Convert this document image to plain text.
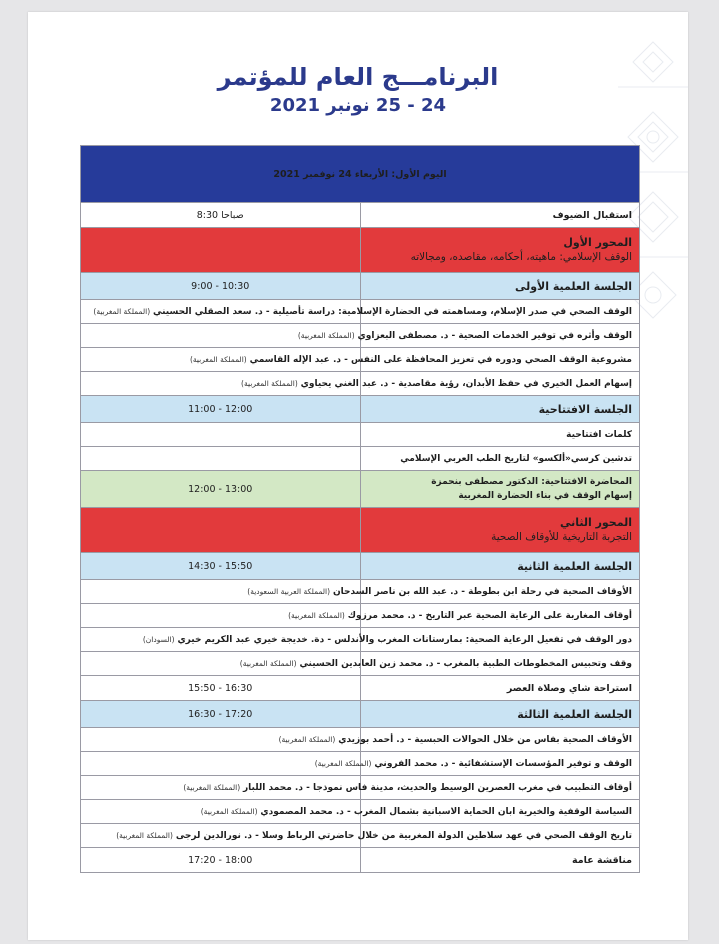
البرنامـــج العام للمؤتمر
24 - 25 نونبر 2021
اليوم الأول: الأربعاء 24 نوفمبر 2021	
استقبال الضيوف	8:30 صباحا

المحور الأول
الوقف الإسلامي: ماهيته، أحكامه، مقاصده، ومجالاته	

الجلسة العلمية الأولى	9:00 - 10:30
الوقف الصحي في صدر الإسلام، ومساهمته في الحضارة الإسلامية: دراسة تأصيلية - د. سعد الصقلي الحسيني (المملكة المغربية)	
الوقف وأثره في توفير الخدمات الصحية - د. مصطفى البعزاوي (المملكة المغربية)	
مشروعية الوقف الصحي ودوره في تعزيز المحافظة على النفس - د. عبد الإله القاسمي (المملكة المغربية)	
إسهام العمل الخيري في حفظ الأبدان، رؤية مقاصدية - د. عبد الغني يحياوي (المملكة المغربية)	
الجلسة الافتتاحية	11:00 - 12:00
كلمات افتتاحية	
تدشين كرسي«ألكسو» لتاريخ الطب العربي الإسلامي	

المحاضرة الافتتاحية: الدكتور مصطفى بنحمزة
إسهام الوقف في بناء الحضارة المغربية	12:00 - 13:00

المحور الثاني
التجربة التاريخية للأوقاف الصحية	

الجلسة العلمية الثانية	14:30 - 15:50
الأوقاف الصحية في رحلة ابن بطوطة - د. عبد الله بن ناصر السدحان (المملكة العربية السعودية)	
أوقاف المغاربة على الرعاية الصحية عبر التاريخ - د. محمد مرزوك (المملكة المغربية)	
دور الوقف في تفعيل الرعاية الصحية: بمارستانات المغرب والأندلس - دة. خديجة خيري عبد الكريم خيري (السودان)	
وقف وتحبيس المخطوطات الطبية بالمغرب - د. محمد زين العابدين الحسيني (المملكة المغربية)	
استراحة شاي وصلاة العصر	15:50 - 16:30
الجلسة العلمية الثالثة	16:30 - 17:20
الأوقاف الصحية بفاس من خلال الحوالات الحبسية - د. أحمد بوزيدي (المملكة المغربية)	
الوقف و توفير المؤسسات الإستشفائية - د. محمد الفروني (المملكة المغربية)	
أوقاف التطبيب في مغرب العصرين الوسيط والحديث، مدينة فاس نموذجا - د. محمد اللبار (المملكة المغربية)	
السياسة الوقفية والخيرية ابان الحماية الاسبانية بشمال المغرب - د. محمد المصمودي (المملكة المغربية)	
تاريخ الوقف الصحي في عهد سلاطين الدولة المغربية من خلال حاضرتي الرباط وسلا - د. نورالدين لرجى (المملكة المغربية)	
مناقشة عامة	17:20 - 18:00
